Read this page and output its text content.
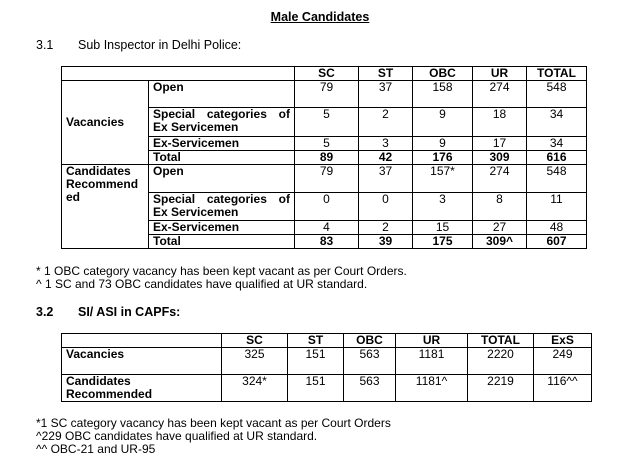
Male Candidates
3.1 Sub Inspector in Delhi Police:
		SC	ST	OBC	UR	TOTAL
Vacancies	Open	79	37	158	274	548
	Special categories of Ex Servicemen	5	2	9	18	34
	Ex-Servicemen	5	3	9	17	34
	Total	89	42	176	309	616

Candidates
Recommend
ed	Open	79	37	157*	274	548
	Special categories of Ex Servicemen	0	0	3	8	11
	Ex-Servicemen	4	2	15	27	48
	Total	83	39	175	309^	607
* 1 OBC category vacancy has been kept vacant as per Court Orders.
^ 1 SC and 73 OBC candidates have qualified at UR standard.
3.2 SI/ ASI in CAPFs:
	SC	ST	OBC	UR	TOTAL	ExS
Vacancies	325	151	563	1181	2220	249
Candidates Recommended	324*	151	563	1181^	2219	116^^
*1 SC category vacancy has been kept vacant as per Court Orders
^229 OBC candidates have qualified at UR standard.
^^ OBC-21 and UR-95
